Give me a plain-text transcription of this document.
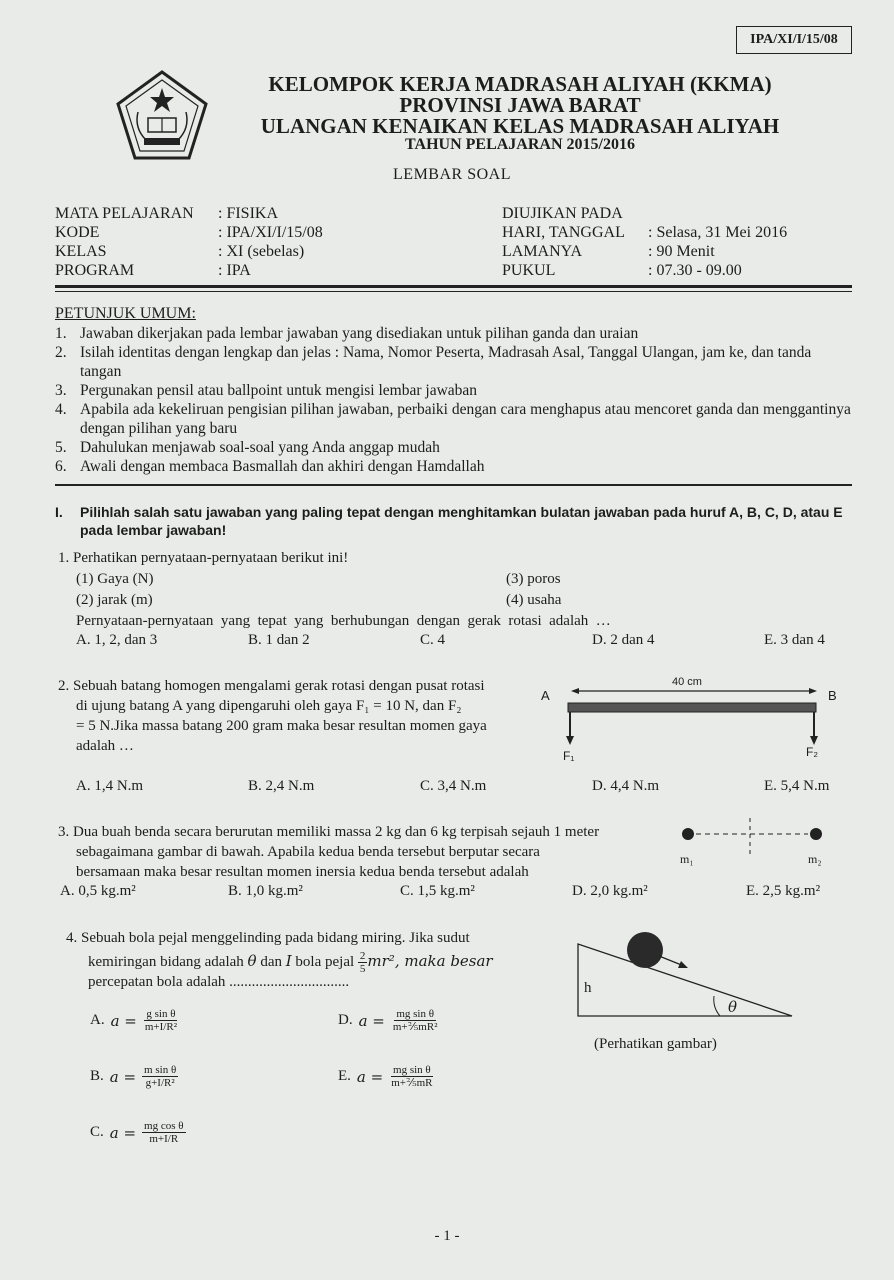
IPA/XI/I/15/08
KELOMPOK KERJA MADRASAH ALIYAH (KKMA)
PROVINSI JAWA BARAT
ULANGAN KENAIKAN KELAS MADRASAH ALIYAH
TAHUN PELAJARAN 2015/2016
LEMBAR SOAL
MATA PELAJARAN : FISIKA
KODE	: IPA/XI/I/15/08
KELAS	: XI (sebelas)
PROGRAM	: IPA
DIUJIKAN PADA
HARI, TANGGAL : Selasa, 31 Mei 2016
LAMANYA	: 90 Menit
PUKUL	: 07.30 - 09.00
PETUNJUK UMUM:
1. Jawaban dikerjakan pada lembar jawaban yang disediakan untuk pilihan ganda dan uraian
2. Isilah identitas dengan lengkap dan jelas : Nama, Nomor Peserta, Madrasah Asal, Tanggal Ulangan, jam ke, dan tanda tangan
3. Pergunakan pensil atau ballpoint untuk mengisi lembar jawaban
4. Apabila ada kekeliruan pengisian pilihan jawaban, perbaiki dengan cara menghapus atau mencoret ganda dan menggantinya dengan pilihan yang baru
5. Dahulukan menjawab soal-soal yang Anda anggap mudah
6. Awali dengan membaca Basmallah dan akhiri dengan Hamdallah
I. Pilihlah salah satu jawaban yang paling tepat dengan menghitamkan bulatan jawaban pada huruf A, B, C, D, atau E pada lembar jawaban!
1. Perhatikan pernyataan-pernyataan berikut ini!
(1) Gaya (N)
(2) jarak (m)
(3) poros
(4) usaha
Pernyataan-pernyataan  yang  tepat  yang  berhubungan  dengan  gerak  rotasi  adalah  …
A. 1, 2, dan 3	B. 1 dan 2	C. 4	D. 2 dan 4	E. 3 dan 4
2. Sebuah batang homogen mengalami gerak rotasi dengan pusat rotasi
di ujung batang A yang dipengaruhi oleh gaya F₁ = 10 N, dan F₂
= 5 N.Jika massa batang 200 gram maka besar resultan momen gaya
adalah …
40 cm
A	B
F₁	F₂
A. 1,4 N.m	B. 2,4 N.m	C. 3,4 N.m	D. 4,4 N.m	E. 5,4 N.m
3. Dua buah benda secara berurutan memiliki massa 2 kg dan 6 kg terpisah sejauh 1 meter
sebagaimana gambar di bawah. Apabila kedua benda tersebut berputar secara
bersamaan maka besar resultan momen inersia kedua benda tersebut adalah
m₁	m₂
A. 0,5 kg.m²	B. 1,0 kg.m²	C. 1,5 kg.m²	D. 2,0 kg.m²	E. 2,5 kg.m²
4. Sebuah bola pejal menggelinding pada bidang miring. Jika sudut
kemiringan bidang adalah θ dan I bola pejal $\frac{2}{5} mr^2$, maka besar
percepatan bola adalah ................................	h
θ
(Perhatikan gambar)
A. $a = \frac{\text{g sin θ}}{\text{m+I/R²}}$
B. $a = \frac{\text{m sin θ}}{\text{g+I/R²}}$
C. $a = \frac{\text{mg cos θ}}{m+I/R}$
D. $a = \frac{\text{mg sin θ}}{\text{m+⅖mR²}}$
E. $a = \frac{\text{mg sin θ}}{\text{m+⅖mR}}$
- 1 -
